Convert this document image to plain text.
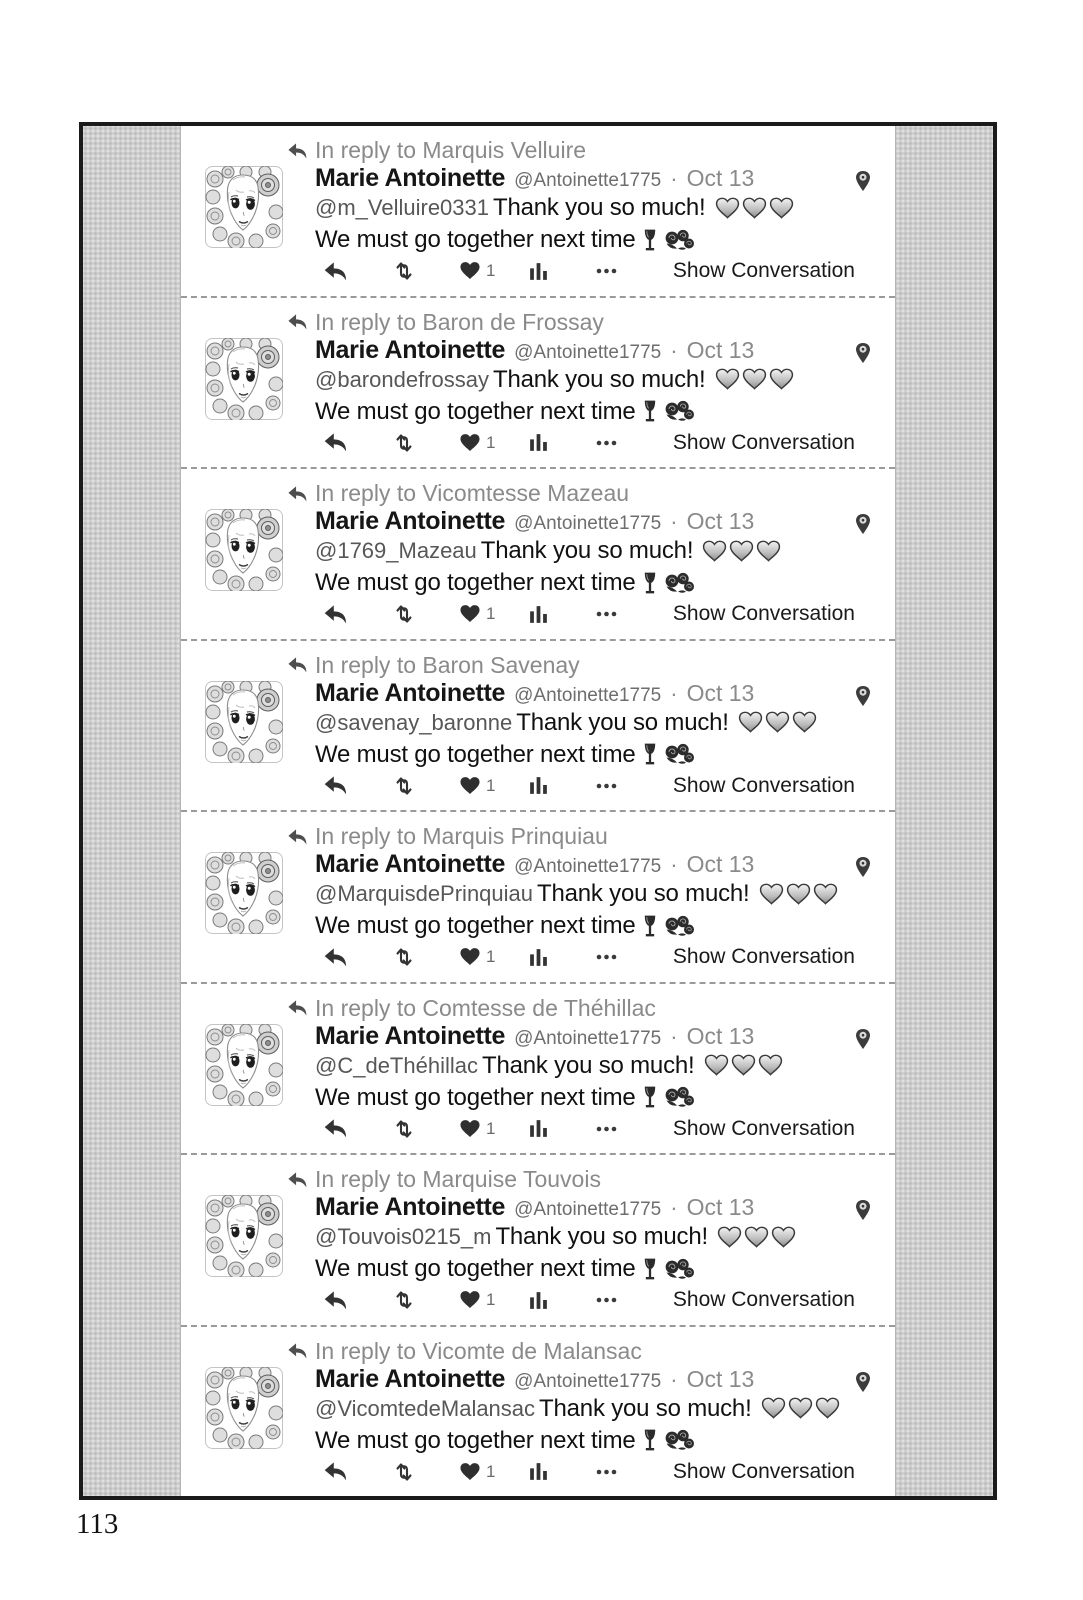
In reply to Marquis Velluire
Marie Antoinette @Antoinette1775 · Oct 13
@m_Velluire0331 Thank you so much!
We must go together next time
1	Show Conversation
In reply to Baron de Frossay
Marie Antoinette @Antoinette1775 · Oct 13
@barondefrossay Thank you so much!
We must go together next time
1	Show Conversation
In reply to Vicomtesse Mazeau
Marie Antoinette @Antoinette1775 · Oct 13
@1769_Mazeau Thank you so much!
We must go together next time
1	Show Conversation
In reply to Baron Savenay
Marie Antoinette @Antoinette1775 · Oct 13
@savenay_baronne Thank you so much!
We must go together next time
1	Show Conversation
In reply to Marquis Prinquiau
Marie Antoinette @Antoinette1775 · Oct 13
@MarquisdePrinquiau Thank you so much!
We must go together next time
1	Show Conversation
In reply to Comtesse de Théhillac
Marie Antoinette @Antoinette1775 · Oct 13
@C_deThéhillac Thank you so much!
We must go together next time
1	Show Conversation
In reply to Marquise Touvois
Marie Antoinette @Antoinette1775 · Oct 13
@Touvois0215_m Thank you so much!
We must go together next time
1	Show Conversation
In reply to Vicomte de Malansac
Marie Antoinette @Antoinette1775 · Oct 13
@VicomtedeMalansac Thank you so much!
We must go together next time
1	Show Conversation
113
